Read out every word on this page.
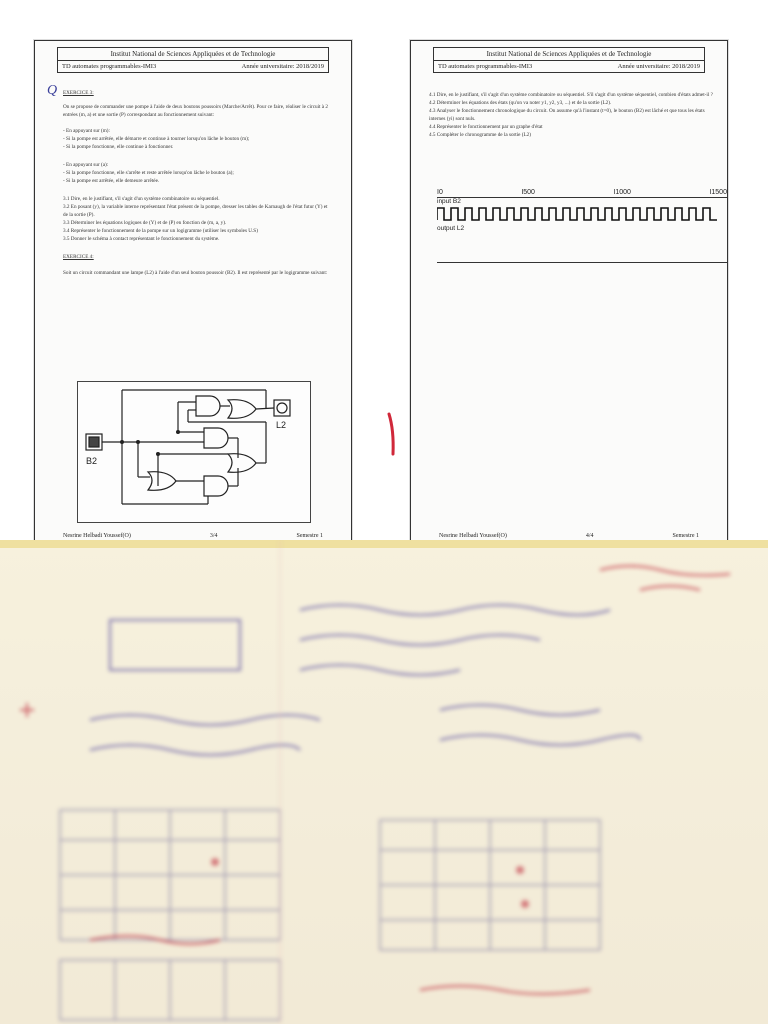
Institut National de Sciences Appliquées et de Technologie
TD automates programmables-IMI3	Année universitaire: 2018/2019
Q EXERCICE 3:
On se propose de commander une pompe à l'aide de deux boutons poussoirs (Marche/Arrêt). Pour ce faire, réaliser le circuit à 2 entrées (m, a) et une sortie (P) correspondant au fonctionnement suivant:
- En appuyant sur (m):
- Si la pompe est arrêtée, elle démarre et continue à tourner lorsqu'on lâche le bouton (m);
- Si la pompe fonctionne, elle continue à fonctionner.
- En appuyant sur (a):
- Si la pompe fonctionne, elle s'arrête et reste arrêtée lorsqu'on lâche le bouton (a);
- Si la pompe est arrêtée, elle demeure arrêtée.
3.1 Dire, en le justifiant, s'il s'agit d'un système combinatoire ou séquentiel.
3.2 En posant (y), la variable interne représentant l'état présent de la pompe, dresser les tables de Karnaugh de l'état futur (Y) et de la sortie (P).
3.3 Déterminer les équations logiques de (Y) et de (P) en fonction de (m, a, y).
3.4 Représenter le fonctionnement de la pompe sur un logigramme (utiliser les symboles U.S)
3.5 Donner le schéma à contact représentant le fonctionnement du système.
EXERCICE 4:
Soit un circuit commandant une lampe (L2) à l'aide d'un seul bouton poussoir (B2). Il est représenté par le logigramme suivant:
B2
L2
Nesrine Helbadi Youssef(O)	3/4	Semestre 1
Institut National de Sciences Appliquées et de Technologie
TD automates programmables-IMI3	Année universitaire: 2018/2019
4.1 Dire, en le justifiant, s'il s'agit d'un système combinatoire ou séquentiel. S'il s'agit d'un système séquentiel, combien d'états admet-il ?
4.2 Déterminer les équations des états (qu'on va noter y1, y2, y3, ...) et de la sortie (L2).
4.3 Analyser le fonctionnement chronologique du circuit. On assume qu'à l'instant (t=0), le bouton (B2) est lâché et que tous les états internes (yi) sont nuls.
4.4 Représenter le fonctionnement par un graphe d'état
4.5 Compléter le chronogramme de la sortie (L2)
I0	I500	I1000	I1500
input B2
output L2
Nesrine Helbadi Youssef(O)	4/4	Semestre 1
